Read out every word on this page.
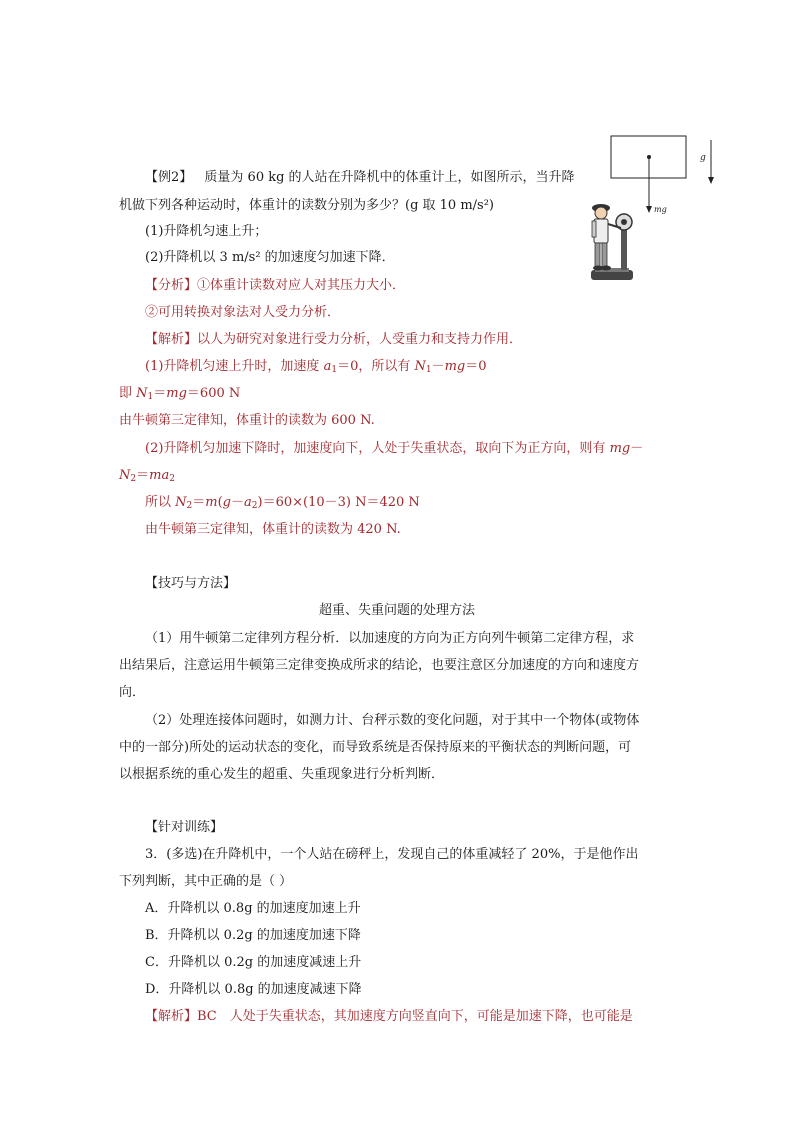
mg
g
【例2】 质量为 60 kg 的人站在升降机中的体重计上，如图所示，当升降
机做下列各种运动时，体重计的读数分别为多少？(g 取 10 m/s²)
(1)升降机匀速上升；
(2)升降机以 3 m/s² 的加速度匀加速下降．
【分析】①体重计读数对应人对其压力大小．
②可用转换对象法对人受力分析．
【解析】以人为研究对象进行受力分析，人受重力和支持力作用．
(1)升降机匀速上升时，加速度 $a_1=0$，所以有 $N_1-mg=0$
即 $N_1=mg=600$ N
由牛顿第三定律知，体重计的读数为 600 N.
(2)升降机匀加速下降时，加速度向下，人处于失重状态，取向下为正方向，则有 mg－
$N_2=ma_2$
所以 $N_2=m(g-a_2)=60\times(10-3)$ N＝420 N
由牛顿第三定律知，体重计的读数为 420 N.
【技巧与方法】
超重、失重问题的处理方法
（1）用牛顿第二定律列方程分析．以加速度的方向为正方向列牛顿第二定律方程，求
出结果后，注意运用牛顿第三定律变换成所求的结论，也要注意区分加速度的方向和速度方
向．
（2）处理连接体问题时，如测力计、台秤示数的变化问题，对于其中一个物体(或物体
中的一部分)所处的运动状态的变化，而导致系统是否保持原来的平衡状态的判断问题，可
以根据系统的重心发生的超重、失重现象进行分析判断．
【针对训练】
3．(多选)在升降机中，一个人站在磅秤上，发现自己的体重减轻了 20%，于是他作出
下列判断，其中正确的是（ ）
A．升降机以 0.8g 的加速度加速上升
B．升降机以 0.2g 的加速度加速下降
C．升降机以 0.2g 的加速度减速上升
D．升降机以 0.8g 的加速度减速下降
【解析】BC　人处于失重状态，其加速度方向竖直向下，可能是加速下降，也可能是
